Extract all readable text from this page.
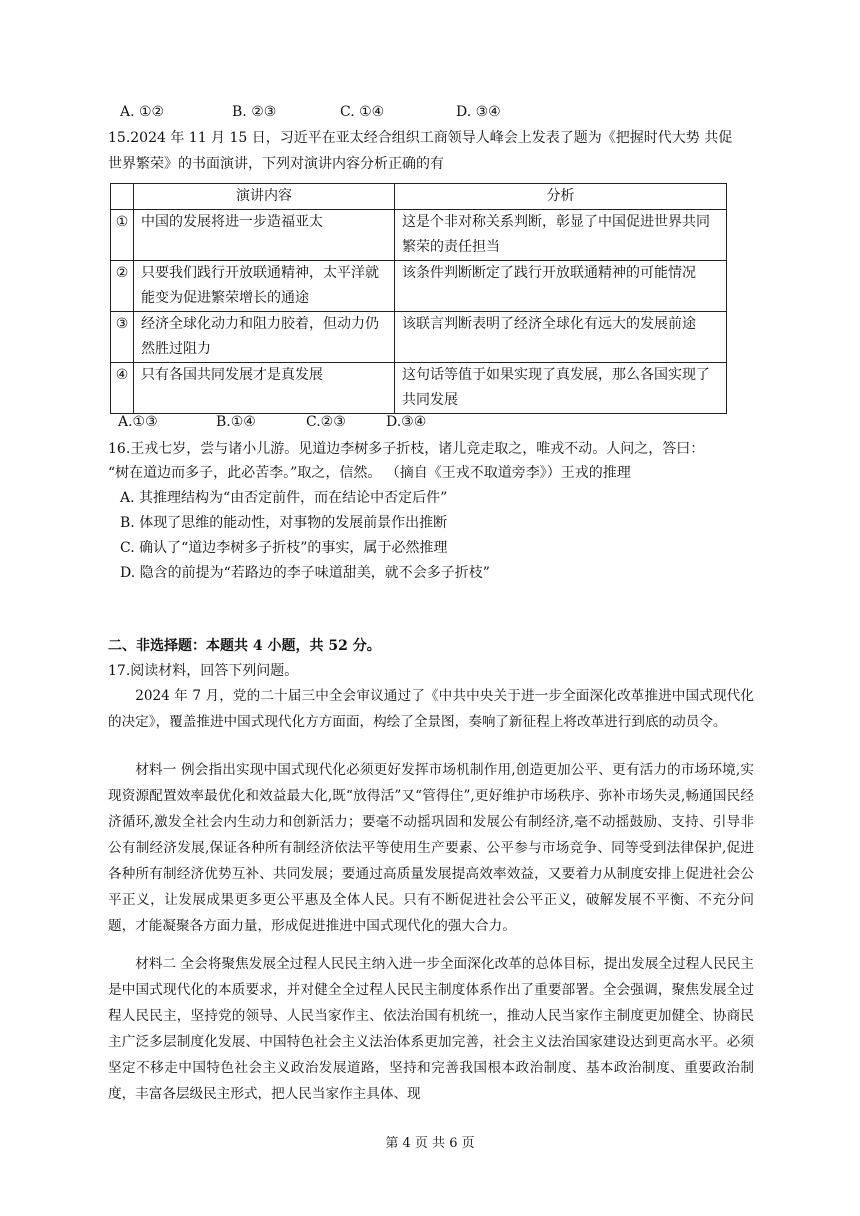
A. ①②	B. ②③	C. ①④	D. ③④
15.2024 年 11 月 15 日，习近平在亚太经合组织工商领导人峰会上发表了题为《把握时代大势 共促
世界繁荣》的书面演讲，下列对演讲内容分析正确的有
	演讲内容	分析
①	中国的发展将进一步造福亚太	这是个非对称关系判断，彰显了中国促进世界共同繁荣的责任担当
②	只要我们践行开放联通精神，太平洋就能变为促进繁荣增长的通途	该条件判断断定了践行开放联通精神的可能情况
③	经济全球化动力和阻力胶着，但动力仍然胜过阻力	该联言判断表明了经济全球化有远大的发展前途
④	只有各国共同发展才是真发展	这句话等值于如果实现了真发展，那么各国实现了共同发展
A.①③	B.①④	C.②③	D.③④
16.王戎七岁，尝与诸小儿游。见道边李树多子折枝，诸儿竞走取之，唯戎不动。人问之，答曰：
“树在道边而多子，此必苦李。”取之，信然。 （摘自《王戎不取道旁李》）王戎的推理
A. 其推理结构为“由否定前件，而在结论中否定后件”
B. 体现了思维的能动性，对事物的发展前景作出推断
C. 确认了“道边李树多子折枝”的事实，属于必然推理
D. 隐含的前提为“若路边的李子味道甜美，就不会多子折枝”
二、非选择题：本题共 4 小题，共 52 分。
17.阅读材料，回答下列问题。
2024 年 7 月，党的二十届三中全会审议通过了《中共中央关于进一步全面深化改革推进中国式现代化的决定》，覆盖推进中国式现代化方方面面，构绘了全景图，奏响了新征程上将改革进行到底的动员令。
材料一 例会指出实现中国式现代化必须更好发挥市场机制作用,创造更加公平、更有活力的市场环境,实现资源配置效率最优化和效益最大化,既“放得活”又“管得住”,更好维护市场秩序、弥补市场失灵,畅通国民经济循环,激发全社会内生动力和创新活力；要毫不动摇巩固和发展公有制经济,毫不动摇鼓励、支持、引导非公有制经济发展,保证各种所有制经济依法平等使用生产要素、公平参与市场竞争、同等受到法律保护,促进各种所有制经济优势互补、共同发展；要通过高质量发展提高效率效益，又要着力从制度安排上促进社会公平正义，让发展成果更多更公平惠及全体人民。只有不断促进社会公平正义，破解发展不平衡、不充分问题，才能凝聚各方面力量，形成促进推进中国式现代化的强大合力。
材料二 全会将聚焦发展全过程人民民主纳入进一步全面深化改革的总体目标，提出发展全过程人民民主是中国式现代化的本质要求，并对健全全过程人民民主制度体系作出了重要部署。全会强调，聚焦发展全过程人民民主，坚持党的领导、人民当家作主、依法治国有机统一，推动人民当家作主制度更加健全、协商民主广泛多层制度化发展、中国特色社会主义法治体系更加完善，社会主义法治国家建设达到更高水平。必须坚定不移走中国特色社会主义政治发展道路，坚持和完善我国根本政治制度、基本政治制度、重要政治制度，丰富各层级民主形式，把人民当家作主具体、现
第 4 页 共 6 页
